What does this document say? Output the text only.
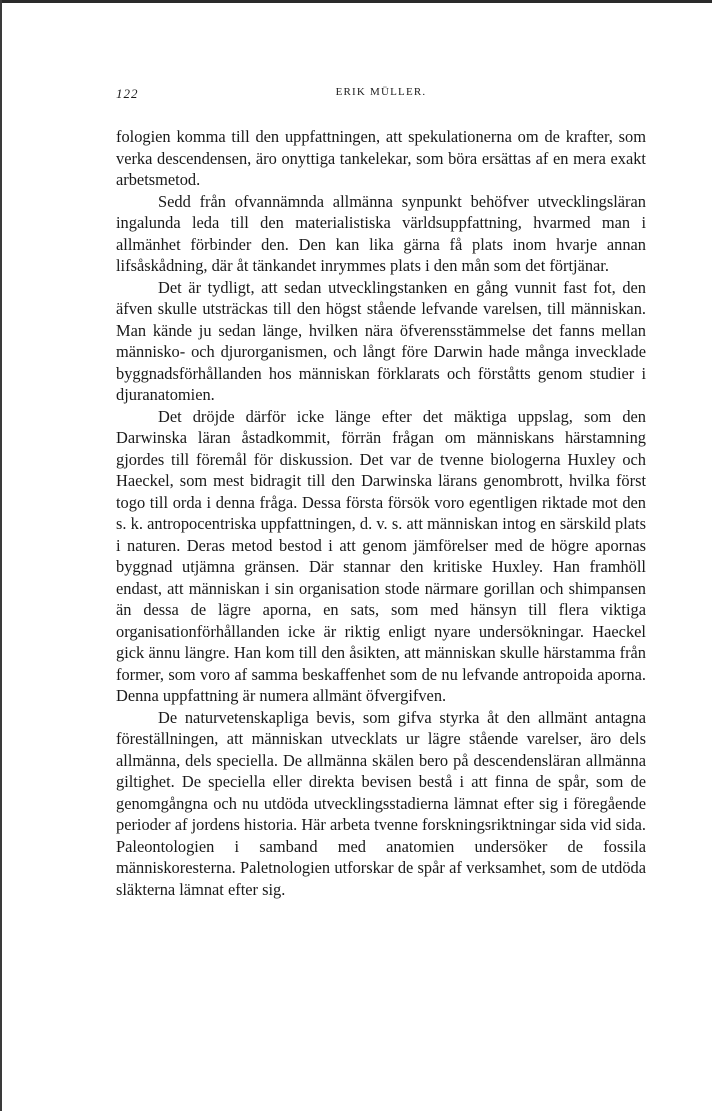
122	ERIK MÜLLER.

fologien komma till den uppfattningen, att spekulationerna om de krafter, som verka descendensen, äro onyttiga tankelekar, som böra ersättas af en mera exakt arbetsmetod.

Sedd från ofvannämnda allmänna synpunkt behöfver utvecklingsläran ingalunda leda till den materialistiska världsuppfattning, hvarmed man i allmänhet förbinder den. Den kan lika gärna få plats inom hvarje annan lifsåskådning, där åt tänkandet inrymmes plats i den mån som det förtjänar.

Det är tydligt, att sedan utvecklingstanken en gång vunnit fast fot, den äfven skulle utsträckas till den högst stående lefvande varelsen, till människan. Man kände ju sedan länge, hvilken nära öfverensstämmelse det fanns mellan människo- och djurorganismen, och långt före Darwin hade många invecklade byggnadsförhållanden hos människan förklarats och förståtts genom studier i djuranatomien.

Det dröjde därför icke länge efter det mäktiga uppslag, som den Darwinska läran åstadkommit, förrän frågan om människans härstamning gjordes till föremål för diskussion. Det var de tvenne biologerna Huxley och Haeckel, som mest bidragit till den Darwinska lärans genombrott, hvilka först togo till orda i denna fråga. Dessa första försök voro egentligen riktade mot den s. k. antropocentriska uppfattningen, d. v. s. att människan intog en särskild plats i naturen. Deras metod bestod i att genom jämförelser med de högre apornas byggnad utjämna gränsen. Där stannar den kritiske Huxley. Han framhöll endast, att människan i sin organisation stode närmare gorillan och shimpansen än dessa de lägre aporna, en sats, som med hänsyn till flera viktiga organisationförhållanden icke är riktig enligt nyare undersökningar. Haeckel gick ännu längre. Han kom till den åsikten, att människan skulle härstamma från former, som voro af samma beskaffenhet som de nu lefvande antropoida aporna. Denna uppfattning är numera allmänt öfvergifven.

De naturvetenskapliga bevis, som gifva styrka åt den allmänt antagna föreställningen, att människan utvecklats ur lägre stående varelser, äro dels allmänna, dels speciella. De allmänna skälen bero på descendensläran allmänna giltighet. De speciella eller direkta bevisen bestå i att finna de spår, som de genomgångna och nu utdöda utvecklingsstadierna lämnat efter sig i föregående perioder af jordens historia. Här arbeta tvenne forskningsriktningar sida vid sida. Paleontologien i samband med anatomien undersöker de fossila människoresterna. Paletnologien utforskar de spår af verksamhet, som de utdöda släkterna lämnat efter sig.
